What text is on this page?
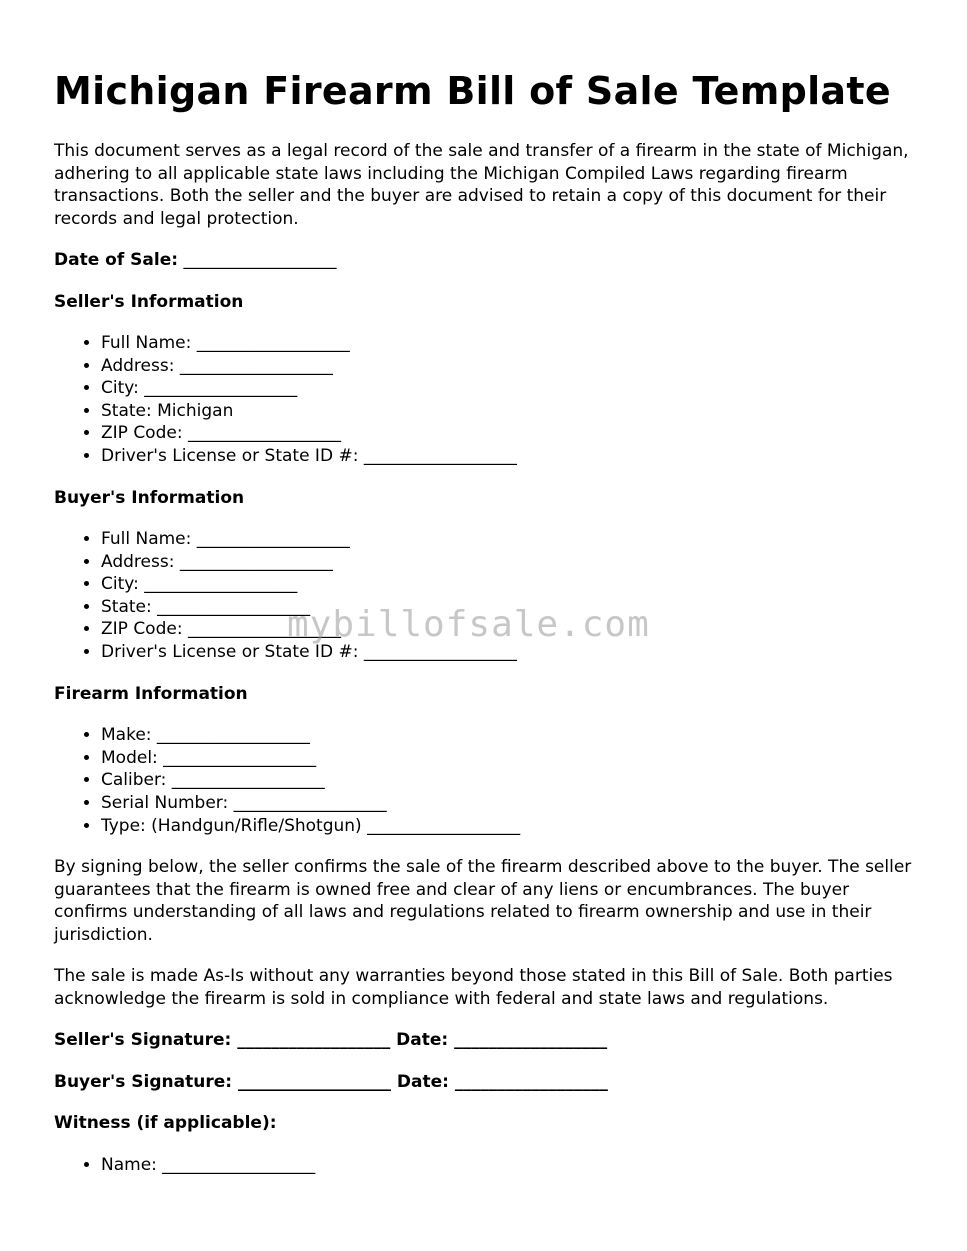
Michigan Firearm Bill of Sale Template

This document serves as a legal record of the sale and transfer of a firearm in the state of Michigan, adhering to all applicable state laws including the Michigan Compiled Laws regarding firearm transactions. Both the seller and the buyer are advised to retain a copy of this document for their records and legal protection.

Date of Sale: __________________

Seller's Information
• Full Name: __________________
• Address: __________________
• City: __________________
• State: Michigan
• ZIP Code: __________________
• Driver's License or State ID #: __________________
Buyer's Information
• Full Name: __________________
• Address: __________________
• City: __________________
• State: __________________
• ZIP Code: __________________
• Driver's License or State ID #: __________________
Firearm Information
• Make: __________________
• Model: __________________
• Caliber: __________________
• Serial Number: __________________
• Type: (Handgun/Rifle/Shotgun) __________________

By signing below, the seller confirms the sale of the firearm described above to the buyer. The seller guarantees that the firearm is owned free and clear of any liens or encumbrances. The buyer confirms understanding of all laws and regulations related to firearm ownership and use in their jurisdiction.

The sale is made As-Is without any warranties beyond those stated in this Bill of Sale. Both parties acknowledge the firearm is sold in compliance with federal and state laws and regulations.

Seller's Signature: __________________ Date: __________________

Buyer's Signature: __________________ Date: __________________

Witness (if applicable):
• Name: __________________
mybillofsale.com
